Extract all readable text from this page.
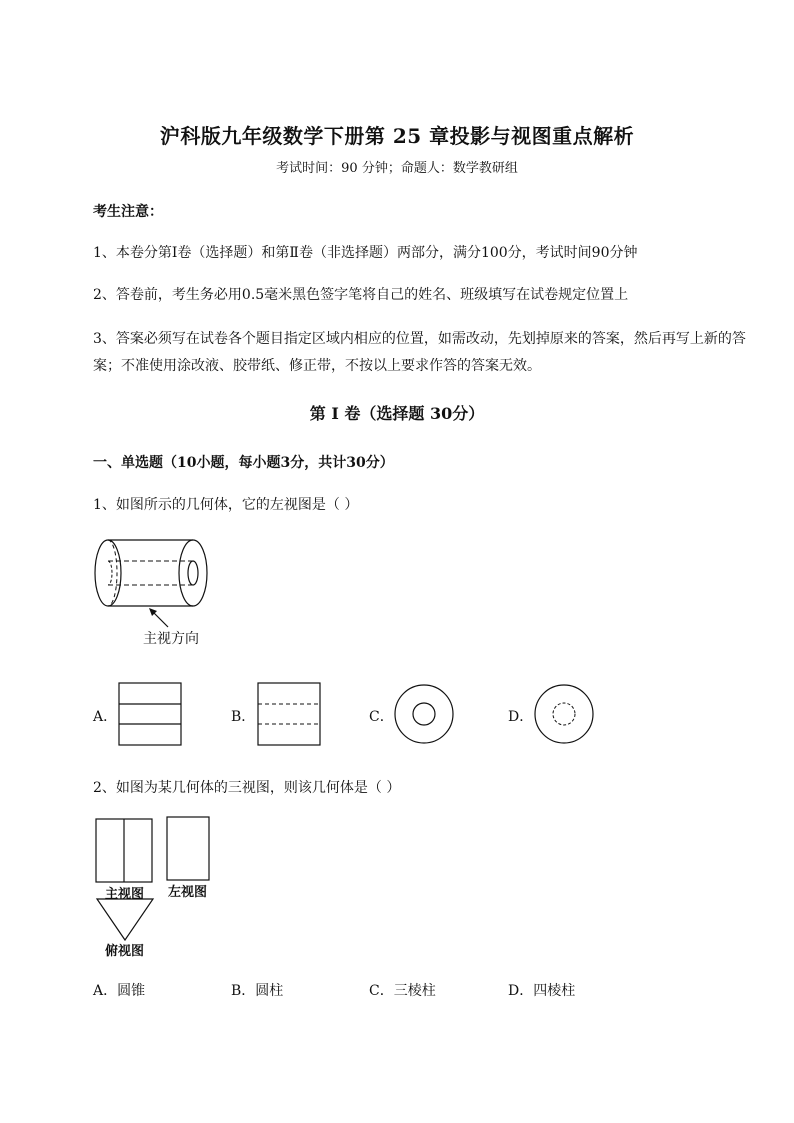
沪科版九年级数学下册第 25 章投影与视图重点解析
考试时间：90 分钟；命题人：数学教研组
考生注意：
1、本卷分第I卷（选择题）和第Ⅱ卷（非选择题）两部分，满分100分，考试时间90分钟
2、答卷前，考生务必用0.5毫米黑色签字笔将自己的姓名、班级填写在试卷规定位置上
3、答案必须写在试卷各个题目指定区域内相应的位置，如需改动，先划掉原来的答案，然后再写上新的答案；不准使用涂改液、胶带纸、修正带，不按以上要求作答的答案无效。
第 I 卷（选择题 30分）
一、单选题（10小题，每小题3分，共计30分）
1、如图所示的几何体，它的左视图是（ ）
主视方向
A．	B．	C．	D．
2、如图为某几何体的三视图，则该几何体是（ ）
主视图 左视图
俯视图
A．圆锥	B．圆柱	C．三棱柱	D．四棱柱
